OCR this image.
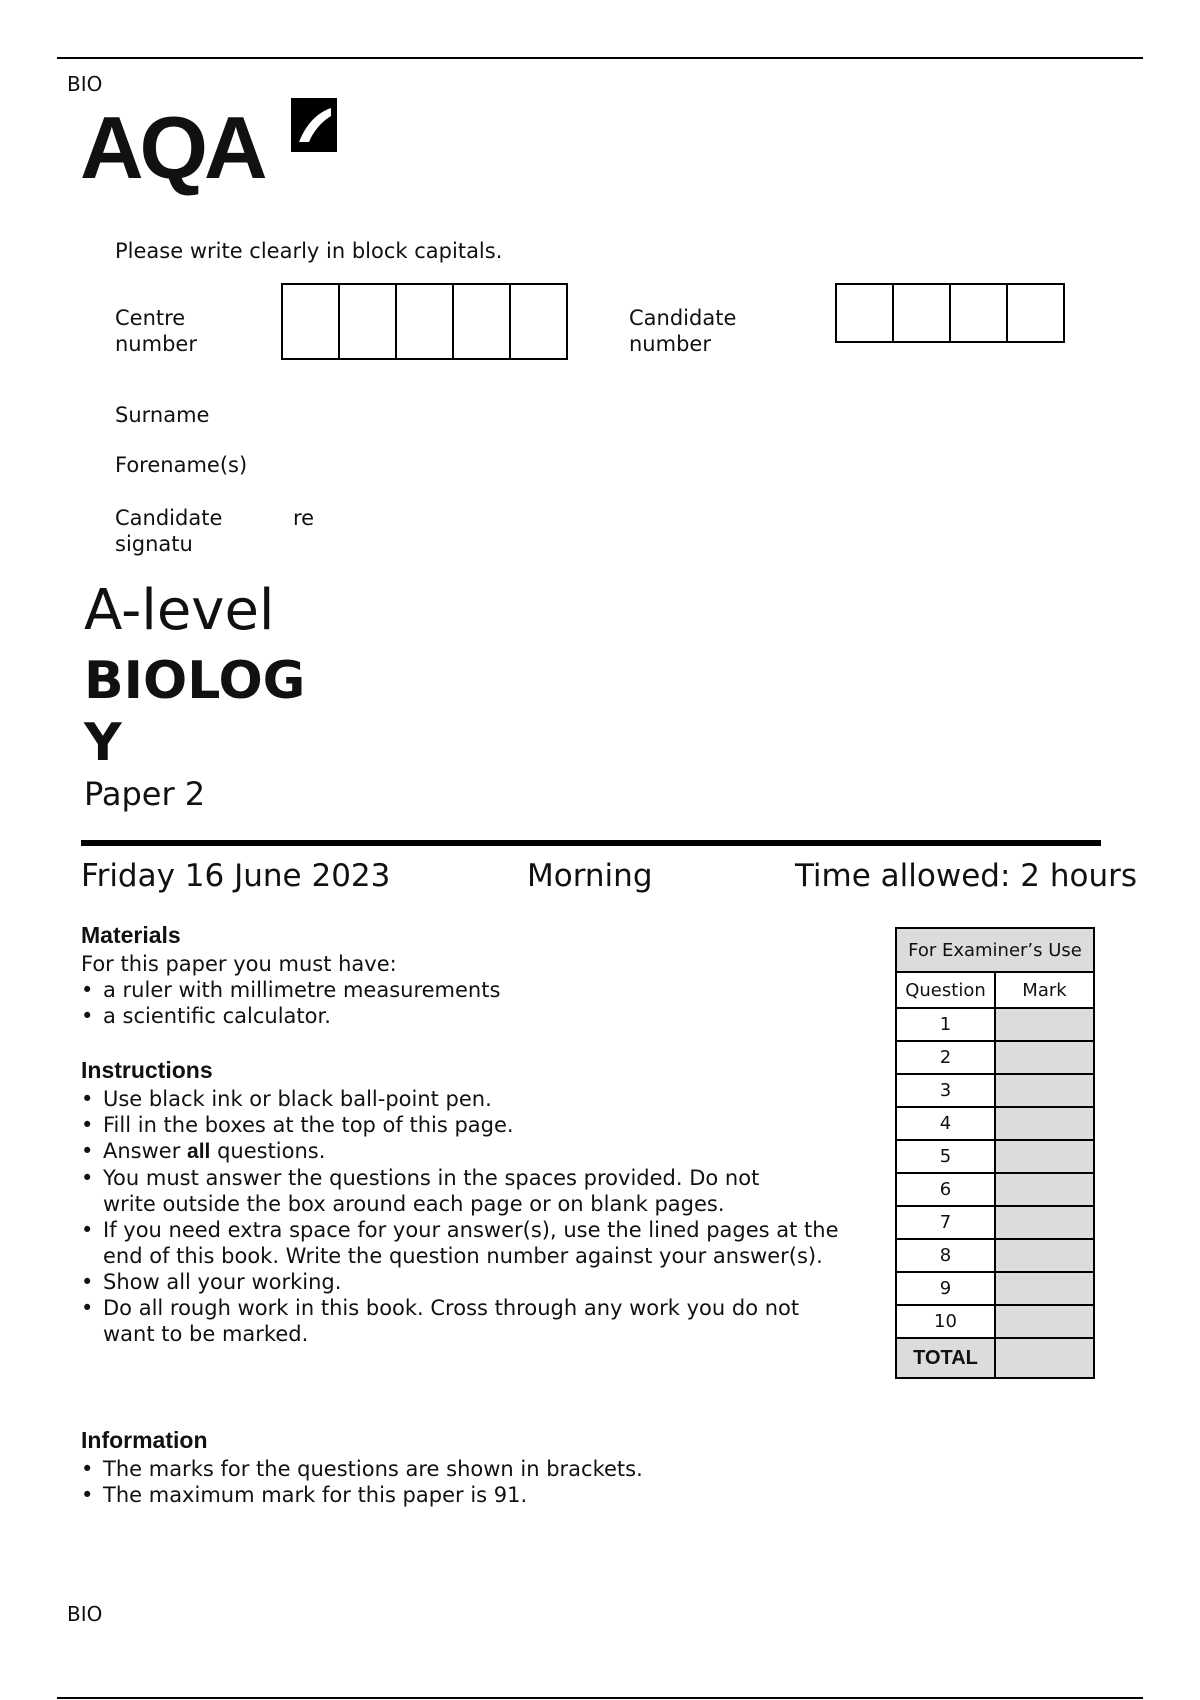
BIO
AQA
Please write clearly in block capitals.
Centre
number
Candidate
number
Surname
Forename(s)
Candidate
signatu
re
A-level
BIOLOG
Y
Paper 2
Friday 16 June 2023	Morning	Time allowed: 2 hours
Materials
For this paper you must have:
• a ruler with millimetre measurements
• a scientific calculator.
Instructions
• Use black ink or black ball-point pen.
• Fill in the boxes at the top of this page.
• Answer all questions.
• You must answer the questions in the spaces provided. Do not write outside the box around each page or on blank pages.
• If you need extra space for your answer(s), use the lined pages at the end of this book. Write the question number against your answer(s).
• Show all your working.
• Do all rough work in this book. Cross through any work you do not want to be marked.
Information
• The marks for the questions are shown in brackets.
• The maximum mark for this paper is 91.
For Examiner’s Use	
Question	Mark
1	
2	
3	
4	
5	
6	
7	
8	
9	
10	
TOTAL	
BIO
